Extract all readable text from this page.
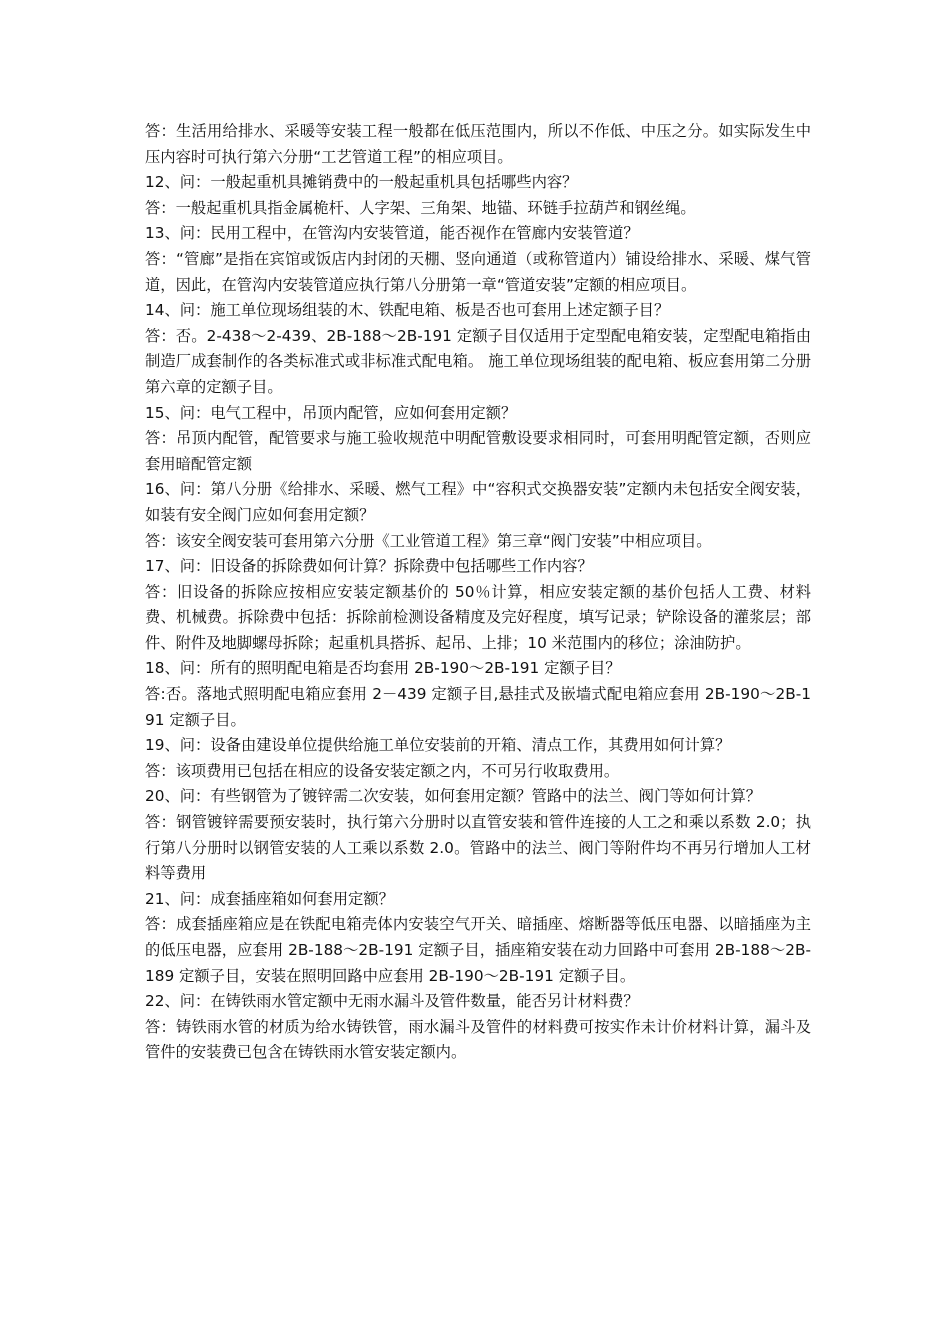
答：生活用给排水、采暖等安装工程一般都在低压范围内，所以不作低、中压之分。如实际发生中压内容时可执行第六分册“工艺管道工程”的相应项目。

12、问：一般起重机具摊销费中的一般起重机具包括哪些内容？

答：一般起重机具指金属桅杆、人字架、三角架、地锚、环链手拉葫芦和钢丝绳。

13、问：民用工程中，在管沟内安装管道，能否视作在管廊内安装管道？

答：“管廊”是指在宾馆或饭店内封闭的天棚、竖向通道（或称管道内）铺设给排水、采暖、煤气管道，因此，在管沟内安装管道应执行第八分册第一章“管道安装”定额的相应项目。

14、问：施工单位现场组装的木、铁配电箱、板是否也可套用上述定额子目？

答：否。2-438～2-439、2B-188～2B-191 定额子目仅适用于定型配电箱安装，定型配电箱指由制造厂成套制作的各类标准式或非标准式配电箱。 施工单位现场组装的配电箱、板应套用第二分册第六章的定额子目。

15、问：电气工程中，吊顶内配管，应如何套用定额？

答：吊顶内配管，配管要求与施工验收规范中明配管敷设要求相同时，可套用明配管定额，否则应套用暗配管定额

16、问：第八分册《给排水、采暖、燃气工程》中“容积式交换器安装”定额内未包括安全阀安装，如装有安全阀门应如何套用定额？

答：该安全阀安装可套用第六分册《工业管道工程》第三章“阀门安装”中相应项目。

17、问：旧设备的拆除费如何计算？拆除费中包括哪些工作内容？

答：旧设备的拆除应按相应安装定额基价的 50％计算，相应安装定额的基价包括人工费、材料费、机械费。拆除费中包括：拆除前检测设备精度及完好程度，填写记录；铲除设备的灌浆层；部件、附件及地脚螺母拆除；起重机具搭拆、起吊、上排；10 米范围内的移位；涂油防护。

18、问：所有的照明配电箱是否均套用 2B-190～2B-191 定额子目？

答:否。落地式照明配电箱应套用 2－439 定额子目,悬挂式及嵌墙式配电箱应套用 2B-190～2B-191 定额子目。

19、问：设备由建设单位提供给施工单位安装前的开箱、清点工作，其费用如何计算？

答：该项费用已包括在相应的设备安装定额之内，不可另行收取费用。

20、问：有些钢管为了镀锌需二次安装，如何套用定额？管路中的法兰、阀门等如何计算？

答：钢管镀锌需要预安装时，执行第六分册时以直管安装和管件连接的人工之和乘以系数 2.0；执行第八分册时以钢管安装的人工乘以系数 2.0。管路中的法兰、阀门等附件均不再另行增加人工材料等费用

21、问：成套插座箱如何套用定额？

答：成套插座箱应是在铁配电箱壳体内安装空气开关、暗插座、熔断器等低压电器、以暗插座为主的低压电器，应套用 2B-188～2B-191 定额子目，插座箱安装在动力回路中可套用 2B-188～2B-189 定额子目，安装在照明回路中应套用 2B-190～2B-191 定额子目。

22、问：在铸铁雨水管定额中无雨水漏斗及管件数量，能否另计材料费？

答：铸铁雨水管的材质为给水铸铁管，雨水漏斗及管件的材料费可按实作未计价材料计算，漏斗及管件的安装费已包含在铸铁雨水管安装定额内。
